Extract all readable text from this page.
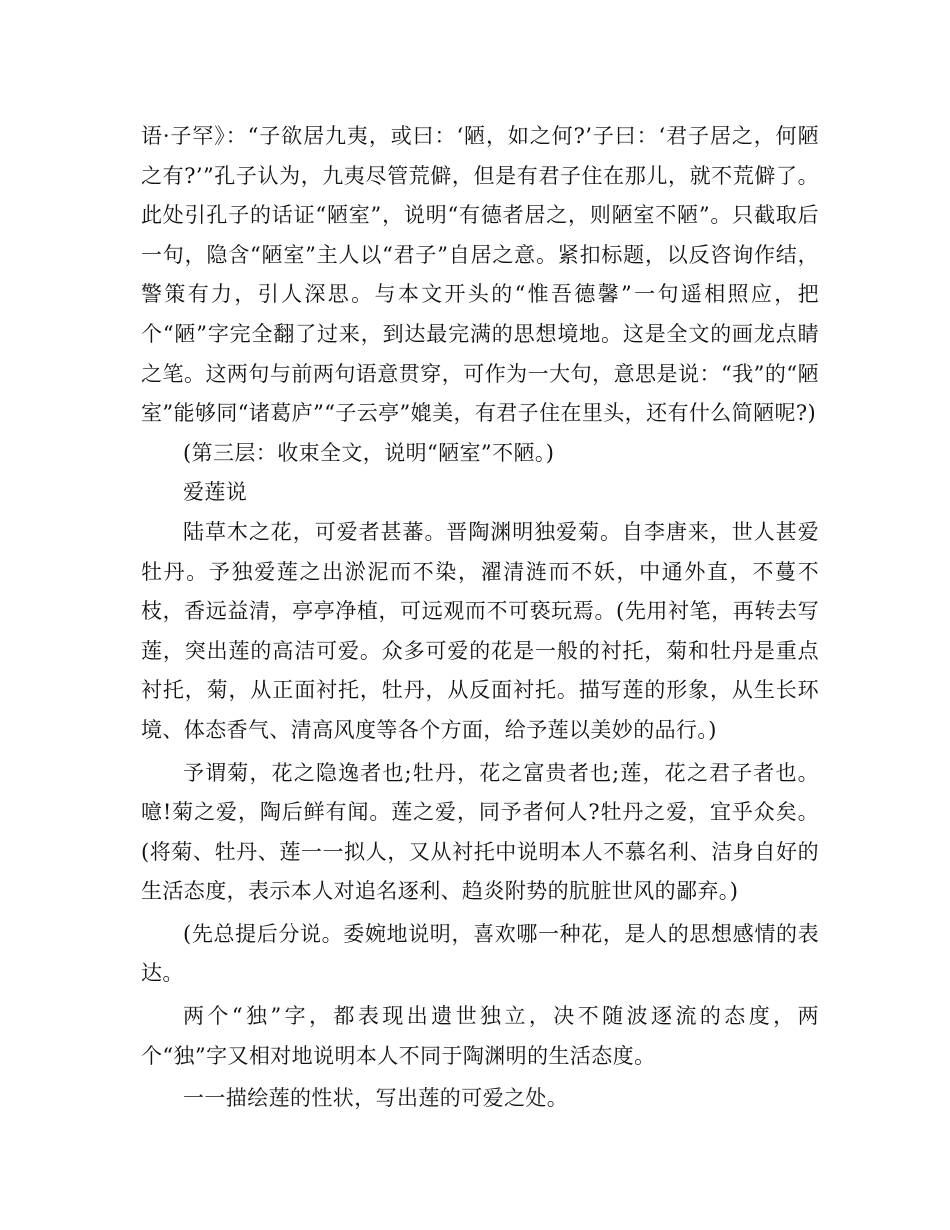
语·子罕》：“子欲居九夷，或曰：‘陋，如之何?’子曰：‘君子居之，何陋之有?’”孔子认为，九夷尽管荒僻，但是有君子住在那儿，就不荒僻了。此处引孔子的话证“陋室”，说明“有德者居之，则陋室不陋”。只截取后一句，隐含“陋室”主人以“君子”自居之意。紧扣标题，以反咨询作结，警策有力，引人深思。与本文开头的“惟吾德馨”一句遥相照应，把个“陋”字完全翻了过来，到达最完满的思想境地。这是全文的画龙点睛之笔。这两句与前两句语意贯穿，可作为一大句，意思是说：“我”的“陋室”能够同“诸葛庐”“子云亭”媲美，有君子住在里头，还有什么简陋呢?)

(第三层：收束全文，说明“陋室”不陋。)

爱莲说

陆草木之花，可爱者甚蕃。晋陶渊明独爱菊。自李唐来，世人甚爱牡丹。予独爱莲之出淤泥而不染，濯清涟而不妖，中通外直，不蔓不枝，香远益清，亭亭净植，可远观而不可亵玩焉。(先用衬笔，再转去写莲，突出莲的高洁可爱。众多可爱的花是一般的衬托，菊和牡丹是重点衬托，菊，从正面衬托，牡丹，从反面衬托。描写莲的形象，从生长环境、体态香气、清高风度等各个方面，给予莲以美妙的品行。)

予谓菊，花之隐逸者也;牡丹，花之富贵者也;莲，花之君子者也。噫!菊之爱，陶后鲜有闻。莲之爱，同予者何人?牡丹之爱，宜乎众矣。(将菊、牡丹、莲一一拟人，又从衬托中说明本人不慕名利、洁身自好的生活态度，表示本人对追名逐利、趋炎附势的肮脏世风的鄙弃。)

(先总提后分说。委婉地说明，喜欢哪一种花，是人的思想感情的表达。

两个“独”字，都表现出遗世独立，决不随波逐流的态度，两个“独”字又相对地说明本人不同于陶渊明的生活态度。

一一描绘莲的性状，写出莲的可爱之处。
